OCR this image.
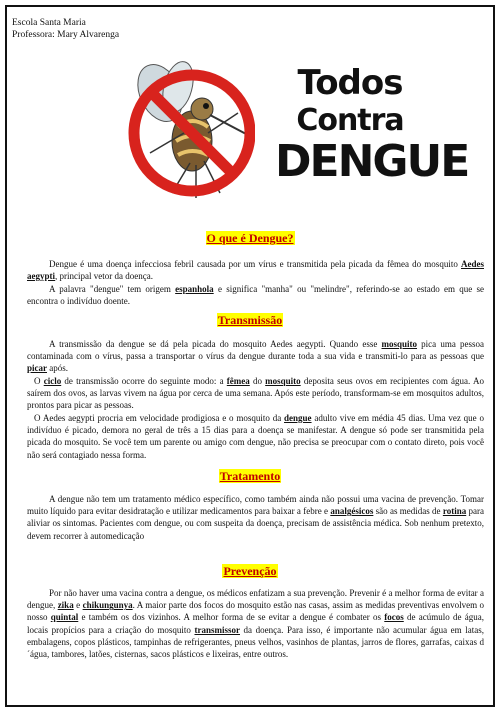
Escola Santa Maria
Professora: Mary Alvarenga
Todos
Contra
DENGUE
O que é Dengue?

Dengue é uma doença infecciosa febril causada por um vírus e transmitida pela picada da fêmea do mosquito Aedes aegypti, principal vetor da doença.

A palavra "dengue" tem origem espanhola e significa "manha" ou "melindre", referindo-se ao estado em que se encontra o indivíduo doente.

Transmissão

A transmissão da dengue se dá pela picada do mosquito Aedes aegypti. Quando esse mosquito pica uma pessoa contaminada com o vírus, passa a transportar o vírus da dengue durante toda a sua vida e transmiti-lo para as pessoas que picar após.

O ciclo de transmissão ocorre do seguinte modo: a fêmea do mosquito deposita seus ovos em recipientes com água. Ao saírem dos ovos, as larvas vivem na água por cerca de uma semana. Após este período, transformam-se em mosquitos adultos, prontos para picar as pessoas.

O Aedes aegypti procria em velocidade prodigiosa e o mosquito da dengue adulto vive em média 45 dias. Uma vez que o indivíduo é picado, demora no geral de três a 15 dias para a doença se manifestar. A dengue só pode ser transmitida pela picada do mosquito. Se você tem um parente ou amigo com dengue, não precisa se preocupar com o contato direto, pois você não será contagiado nessa forma.

Tratamento

A dengue não tem um tratamento médico específico, como também ainda não possui uma vacina de prevenção. Tomar muito líquido para evitar desidratação e utilizar medicamentos para baixar a febre e analgésicos são as medidas de rotina para aliviar os sintomas. Pacientes com dengue, ou com suspeita da doença, precisam de assistência médica. Sob nenhum pretexto, devem recorrer à automedicação

Prevenção

Por não haver uma vacina contra a dengue, os médicos enfatizam a sua prevenção. Prevenir é a melhor forma de evitar a dengue, zika e chikungunya. A maior parte dos focos do mosquito estão nas casas, assim as medidas preventivas envolvem o nosso quintal e também os dos vizinhos. A melhor forma de se evitar a dengue é combater os focos de acúmulo de água, locais propícios para a criação do mosquito transmissor da doença. Para isso, é importante não acumular água em latas, embalagens, copos plásticos, tampinhas de refrigerantes, pneus velhos, vasinhos de plantas, jarros de flores, garrafas, caixas d´água, tambores, latões, cisternas, sacos plásticos e lixeiras, entre outros.
